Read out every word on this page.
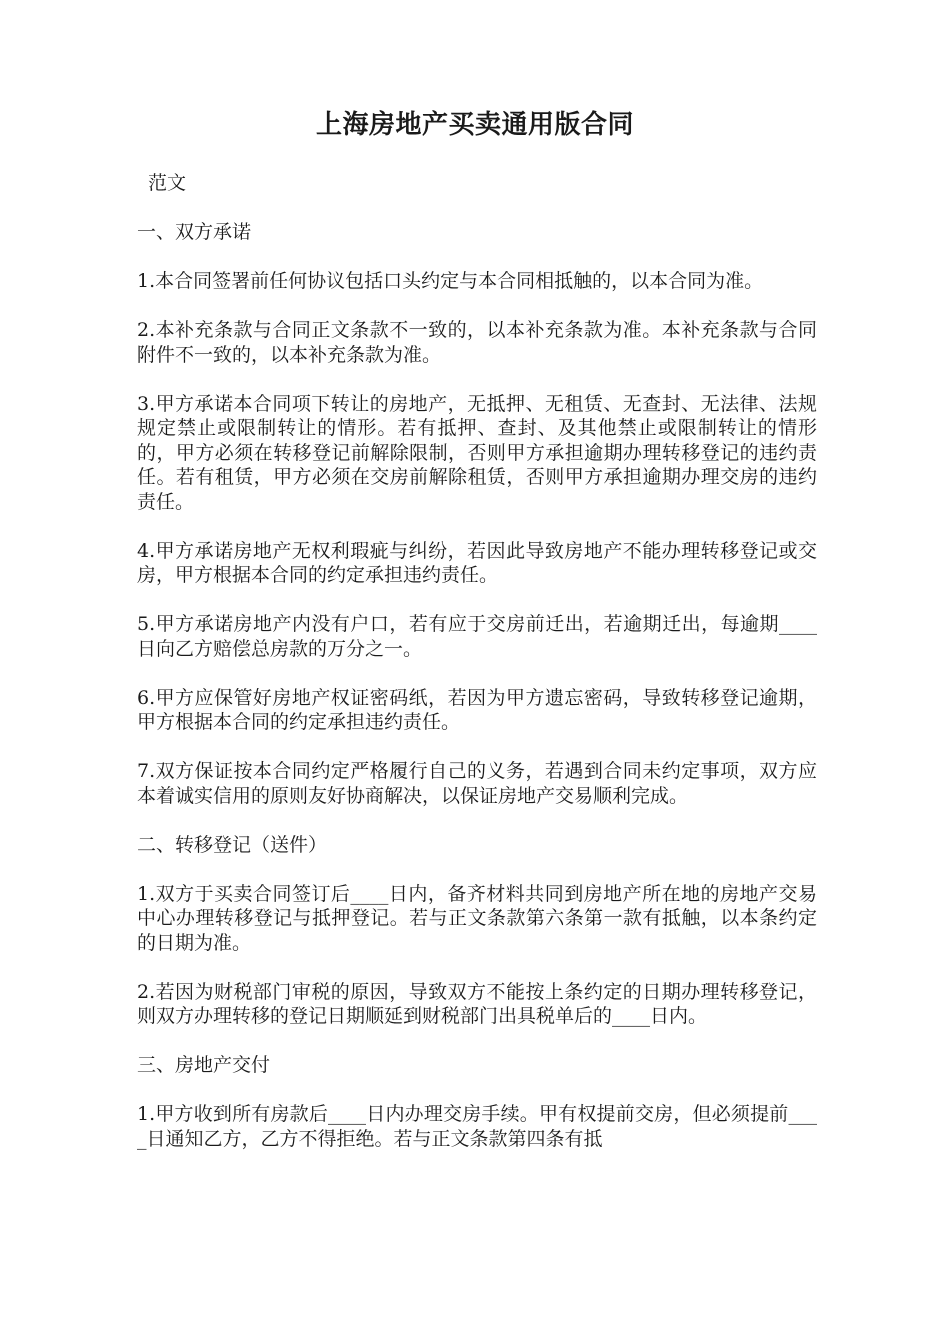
上海房地产买卖通用版合同

范文

一、双方承诺

1.本合同签署前任何协议包括口头约定与本合同相抵触的，以本合同为准。

2.本补充条款与合同正文条款不一致的，以本补充条款为准。本补充条款与合同附件不一致的，以本补充条款为准。

3.甲方承诺本合同项下转让的房地产，无抵押、无租赁、无查封、无法律、法规规定禁止或限制转让的情形。若有抵押、查封、及其他禁止或限制转让的情形的，甲方必须在转移登记前解除限制，否则甲方承担逾期办理转移登记的违约责任。若有租赁，甲方必须在交房前解除租赁，否则甲方承担逾期办理交房的违约责任。

4.甲方承诺房地产无权利瑕疵与纠纷，若因此导致房地产不能办理转移登记或交房，甲方根据本合同的约定承担违约责任。

5.甲方承诺房地产内没有户口，若有应于交房前迁出，若逾期迁出，每逾期____日向乙方赔偿总房款的万分之一。

6.甲方应保管好房地产权证密码纸，若因为甲方遗忘密码，导致转移登记逾期，甲方根据本合同的约定承担违约责任。

7.双方保证按本合同约定严格履行自己的义务，若遇到合同未约定事项，双方应本着诚实信用的原则友好协商解决，以保证房地产交易顺利完成。

二、转移登记（送件）

1.双方于买卖合同签订后____日内，备齐材料共同到房地产所在地的房地产交易中心办理转移登记与抵押登记。若与正文条款第六条第一款有抵触，以本条约定的日期为准。

2.若因为财税部门审税的原因，导致双方不能按上条约定的日期办理转移登记，则双方办理转移的登记日期顺延到财税部门出具税单后的____日内。

三、房地产交付

1.甲方收到所有房款后____日内办理交房手续。甲有权提前交房，但必须提前____日通知乙方，乙方不得拒绝。若与正文条款第四条有抵
